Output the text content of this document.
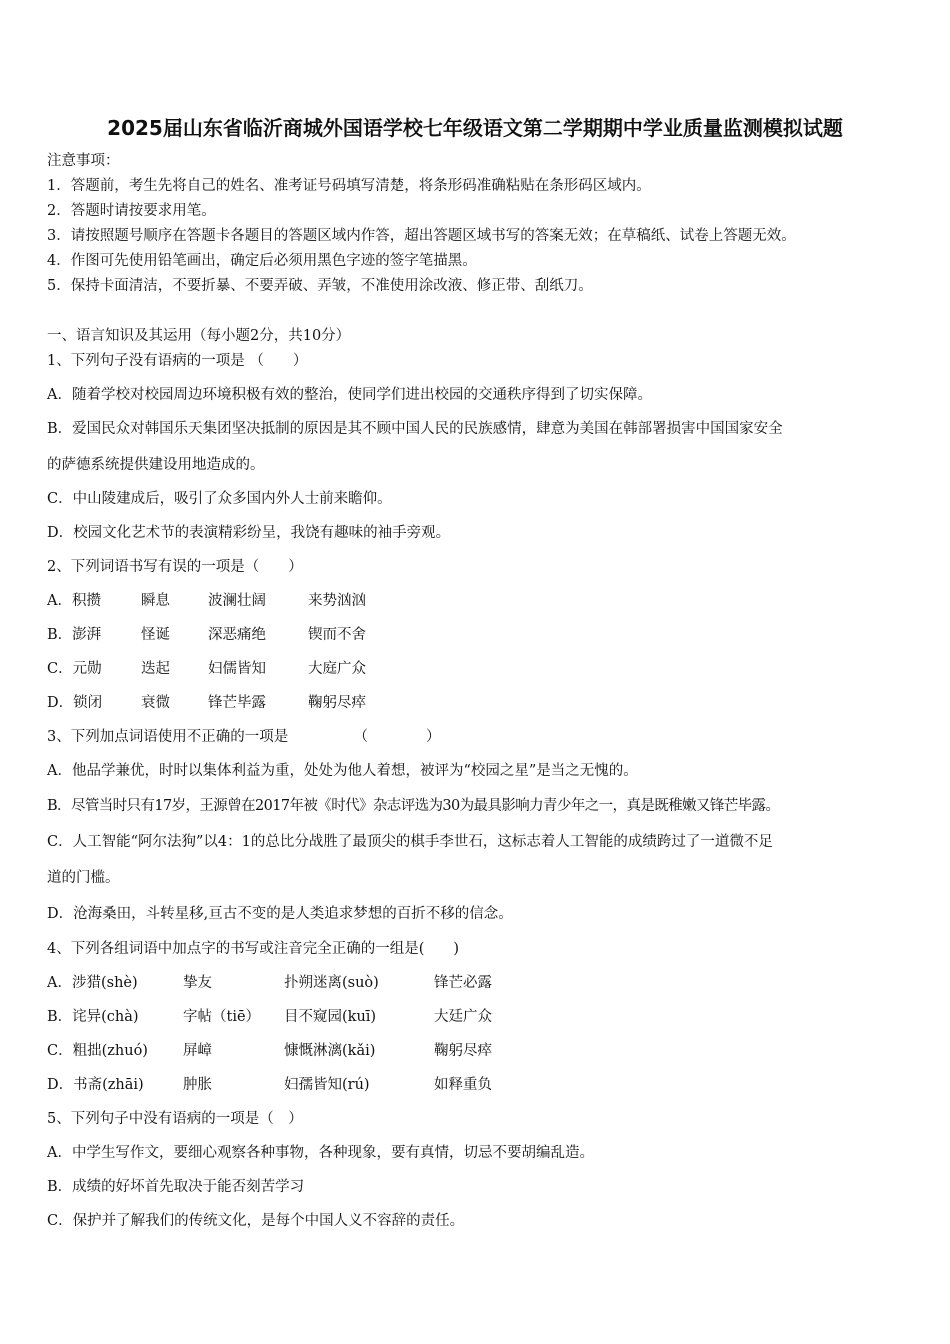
2025届山东省临沂商城外国语学校七年级语文第二学期期中学业质量监测模拟试题
注意事项：
1．答题前，考生先将自己的姓名、准考证号码填写清楚，将条形码准确粘贴在条形码区域内。
2．答题时请按要求用笔。
3．请按照题号顺序在答题卡各题目的答题区域内作答，超出答题区域书写的答案无效；在草稿纸、试卷上答题无效。
4．作图可先使用铅笔画出，确定后必须用黑色字迹的签字笔描黑。
5．保持卡面清洁，不要折暴、不要弄破、弄皱，不准使用涂改液、修正带、刮纸刀。
一、语言知识及其运用（每小题2分，共10分）
1、下列句子没有语病的一项是 （　　）
A．随着学校对校园周边环境积极有效的整治，使同学们进出校园的交通秩序得到了切实保障。
B．爱国民众对韩国乐天集团坚决抵制的原因是其不顾中国人民的民族感情，肆意为美国在韩部署损害中国国家安全
的萨德系统提供建设用地造成的。
C．中山陵建成后，吸引了众多国内外人士前来瞻仰。
D．校园文化艺术节的表演精彩纷呈，我饶有趣味的袖手旁观。
2、下列词语书写有误的一项是（　　）
A．积攒	瞬息	波澜壮阔	来势汹汹
B．澎湃	怪诞	深恶痛绝	锲而不舍
C．元勋	迭起	妇儒皆知	大庭广众
D．锁闭	衰微	锋芒毕露	鞠躬尽瘁
3、下列加点词语使用不正确的一项是　　　　　（　　　　）
A．他品学兼优，时时以集体利益为重，处处为他人着想，被评为“校园之星”是当之无愧的。
B．尽管当时只有17岁，王源曾在2017年被《时代》杂志评选为30为最具影响力青少年之一，真是既稚嫩又锋芒毕露。
C．人工智能“阿尔法狗”以4：1的总比分战胜了最顶尖的棋手李世石，这标志着人工智能的成绩跨过了一道微不足
道的门槛。
D．沧海桑田，斗转星移,亘古不变的是人类追求梦想的百折不移的信念。
4、下列各组词语中加点字的书写或注音完全正确的一组是(　　)
A．涉猎(shè)	挚友	扑朔迷离(suò)	锋芒必露
B．诧异(chà)	字帖（tiē） 目不窥园(kuī)	大廷广众
C．粗拙(zhuó) 屏嶂	慷慨淋漓(kǎi)	鞠躬尽瘁
D．书斋(zhāi)	肿胀	妇孺皆知(rú)	如释重负
5、下列句子中没有语病的一项是（　）
A．中学生写作文，要细心观察各种事物，各种现象，要有真情，切忌不要胡编乱造。
B．成绩的好坏首先取决于能否刻苦学习
C．保护并了解我们的传统文化，是每个中国人义不容辞的责任。
